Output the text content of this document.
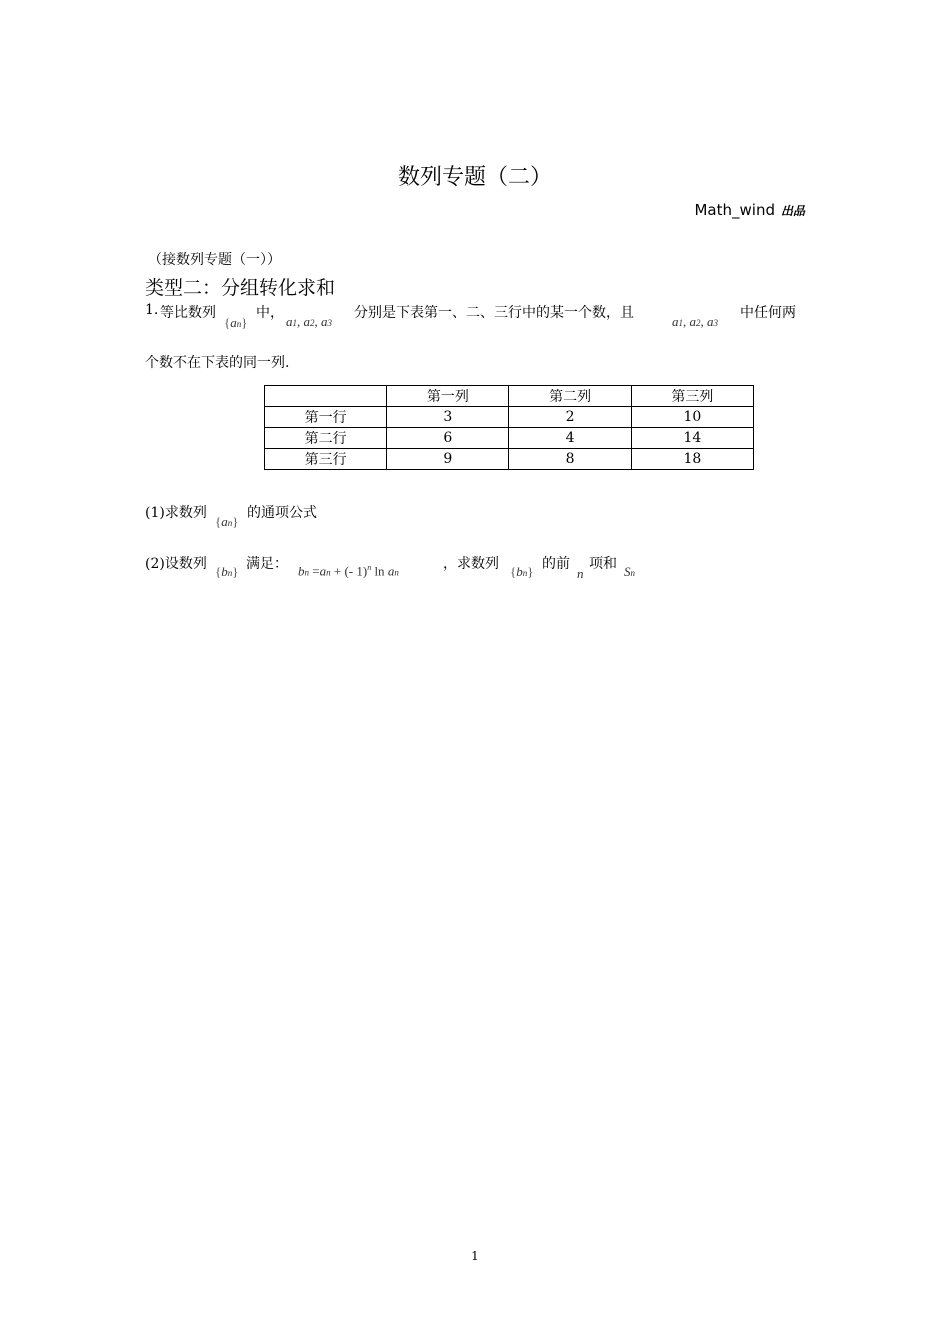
数列专题（二）
Math_wind 出品
（接数列专题（一））
类型二：分组转化求和
1. 等比数列
{an}
中，
a1, a2, a3
分别是下表第一、二、三行中的某一个数，且
a1, a2, a3
中任何两
个数不在下表的同一列.
	第一列	第二列	第三列
第一行	3	2	10
第二行	6	4	14
第三行	9	8	18
(1)求数列
{an}
的通项公式
(2)设数列 {bn} 满足： bn =an + (- 1)$^n$ ln an
，求数列 {bn} 的前
n
项和 Sn
1
